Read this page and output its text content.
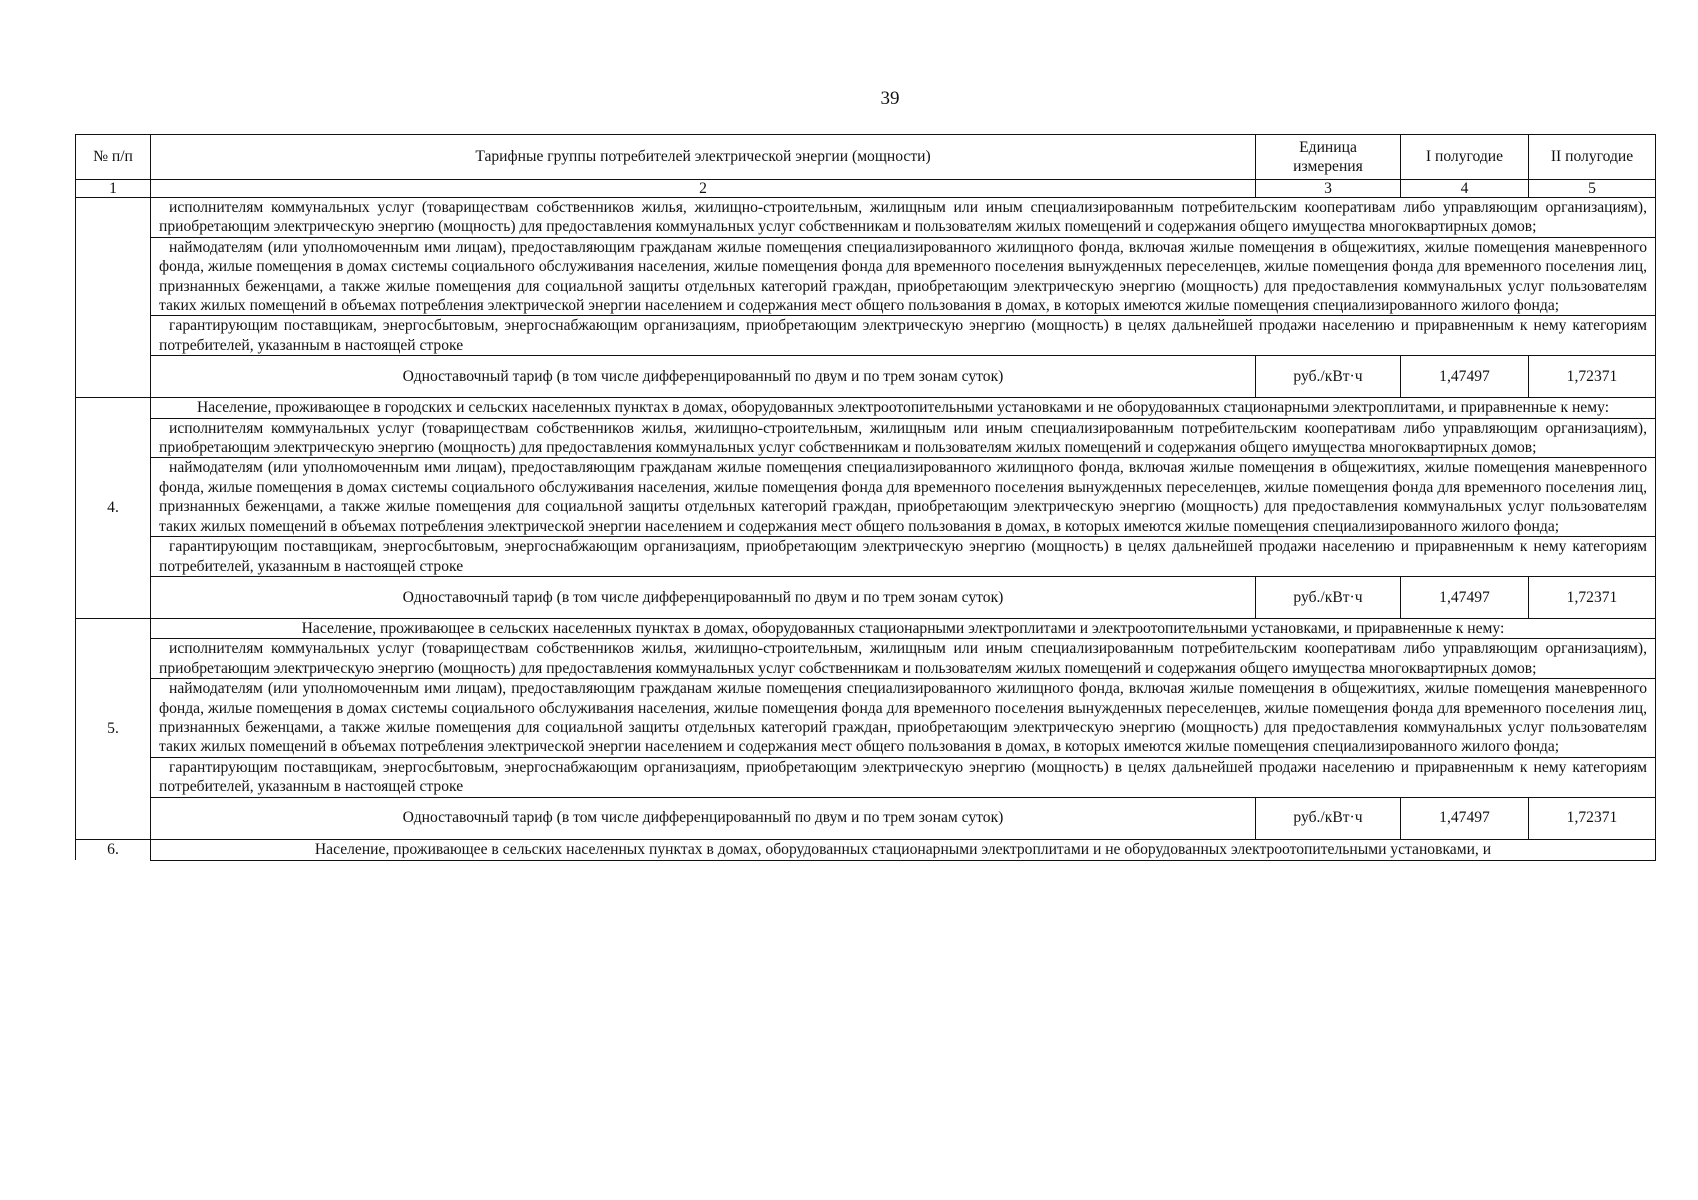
39
№ п/п	Тарифные группы потребителей электрической энергии (мощности)	Единица измерения	I полугодие	II полугодие
1	2	3	4	5
	исполнителям коммунальных услуг (товариществам собственников жилья, жилищно-строительным, жилищным или иным специализированным потребительским кооперативам либо управляющим организациям), приобретающим электрическую энергию (мощность) для предоставления коммунальных услуг собственникам и пользователям жилых помещений и содержания общего имущества многоквартирных домов;			
	наймодателям (или уполномоченным ими лицам), предоставляющим гражданам жилые помещения специализированного жилищного фонда, включая жилые помещения в общежитиях, жилые помещения маневренного фонда, жилые помещения в домах системы социального обслуживания населения, жилые помещения фонда для временного поселения вынужденных переселенцев, жилые помещения фонда для временного поселения лиц, признанных беженцами, а также жилые помещения для социальной защиты отдельных категорий граждан, приобретающим электрическую энергию (мощность) для предоставления коммунальных услуг пользователям таких жилых помещений в объемах потребления электрической энергии населением и содержания мест общего пользования в домах, в которых имеются жилые помещения специализированного жилого фонда;			
	гарантирующим поставщикам, энергосбытовым, энергоснабжающим организациям, приобретающим электрическую энергию (мощность) в целях дальнейшей продажи населению и приравненным к нему категориям потребителей, указанным в настоящей строке			
	Одноставочный тариф (в том числе дифференцированный по двум и по трем зонам суток)	руб./кВт·ч	1,47497	1,72371
4.	Население, проживающее в городских и сельских населенных пунктах в домах, оборудованных электроотопительными установками и не оборудованных стационарными электроплитами, и приравненные к нему:			
	исполнителям коммунальных услуг (товариществам собственников жилья, жилищно-строительным, жилищным или иным специализированным потребительским кооперативам либо управляющим организациям), приобретающим электрическую энергию (мощность) для предоставления коммунальных услуг собственникам и пользователям жилых помещений и содержания общего имущества многоквартирных домов;			
	наймодателям (или уполномоченным ими лицам), предоставляющим гражданам жилые помещения специализированного жилищного фонда, включая жилые помещения в общежитиях, жилые помещения маневренного фонда, жилые помещения в домах системы социального обслуживания населения, жилые помещения фонда для временного поселения вынужденных переселенцев, жилые помещения фонда для временного поселения лиц, признанных беженцами, а также жилые помещения для социальной защиты отдельных категорий граждан, приобретающим электрическую энергию (мощность) для предоставления коммунальных услуг пользователям таких жилых помещений в объемах потребления электрической энергии населением и содержания мест общего пользования в домах, в которых имеются жилые помещения специализированного жилого фонда;			
	гарантирующим поставщикам, энергосбытовым, энергоснабжающим организациям, приобретающим электрическую энергию (мощность) в целях дальнейшей продажи населению и приравненным к нему категориям потребителей, указанным в настоящей строке			
	Одноставочный тариф (в том числе дифференцированный по двум и по трем зонам суток)	руб./кВт·ч	1,47497	1,72371
5.	Население, проживающее в сельских населенных пунктах в домах, оборудованных стационарными электроплитами и электроотопительными установками, и приравненные к нему:			
	исполнителям коммунальных услуг (товариществам собственников жилья, жилищно-строительным, жилищным или иным специализированным потребительским кооперативам либо управляющим организациям), приобретающим электрическую энергию (мощность) для предоставления коммунальных услуг собственникам и пользователям жилых помещений и содержания общего имущества многоквартирных домов;			
	наймодателям (или уполномоченным ими лицам), предоставляющим гражданам жилые помещения специализированного жилищного фонда, включая жилые помещения в общежитиях, жилые помещения маневренного фонда, жилые помещения в домах системы социального обслуживания населения, жилые помещения фонда для временного поселения вынужденных переселенцев, жилые помещения фонда для временного поселения лиц, признанных беженцами, а также жилые помещения для социальной защиты отдельных категорий граждан, приобретающим электрическую энергию (мощность) для предоставления коммунальных услуг пользователям таких жилых помещений в объемах потребления электрической энергии населением и содержания мест общего пользования в домах, в которых имеются жилые помещения специализированного жилого фонда;			
	гарантирующим поставщикам, энергосбытовым, энергоснабжающим организациям, приобретающим электрическую энергию (мощность) в целях дальнейшей продажи населению и приравненным к нему категориям потребителей, указанным в настоящей строке			
	Одноставочный тариф (в том числе дифференцированный по двум и по трем зонам суток)	руб./кВт·ч	1,47497	1,72371
6.	Население, проживающее в сельских населенных пунктах в домах, оборудованных стационарными электроплитами и не оборудованных электроотопительными установками, и			
